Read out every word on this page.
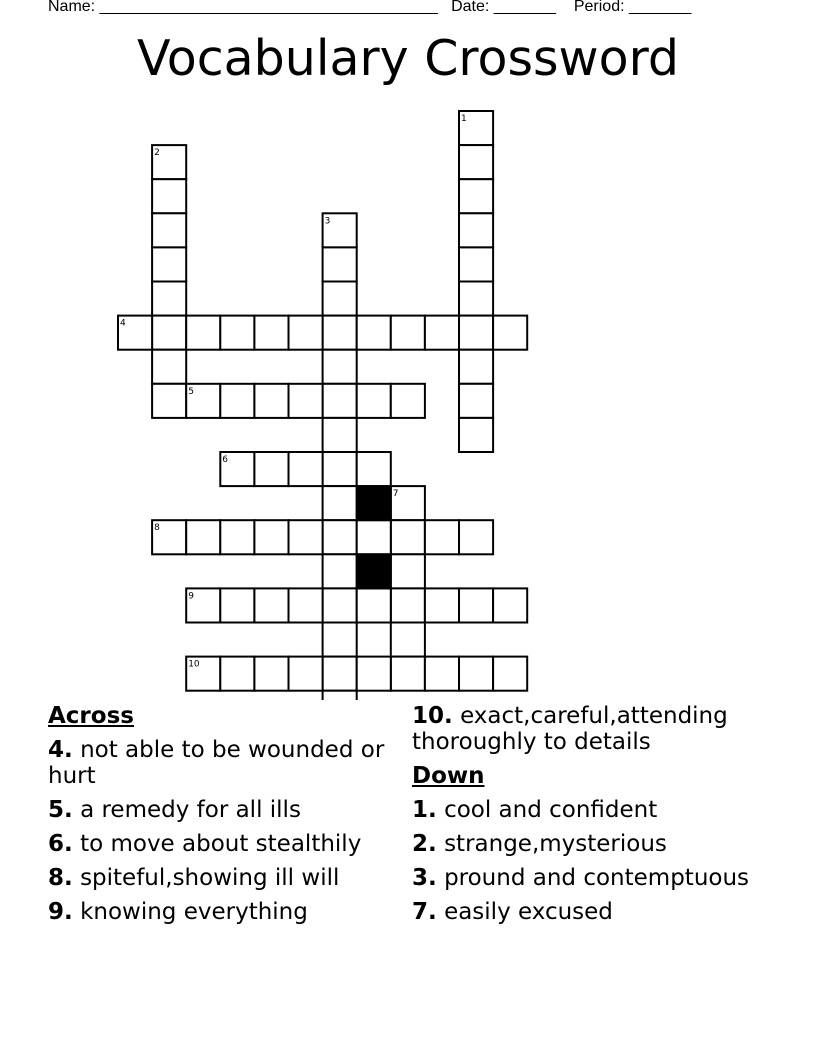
Name: ______________________________________ Date: _______ Period: _______
Vocabulary Crossword
1
2
3
4
5
6
7
8
9
10
Across
4. not able to be wounded or hurt
5. a remedy for all ills
6. to move about stealthily
8. spiteful,showing ill will
9. knowing everything
10. exact,careful,attending thoroughly to details
Down
1. cool and confident
2. strange,mysterious
3. pround and contemptuous
7. easily excused
